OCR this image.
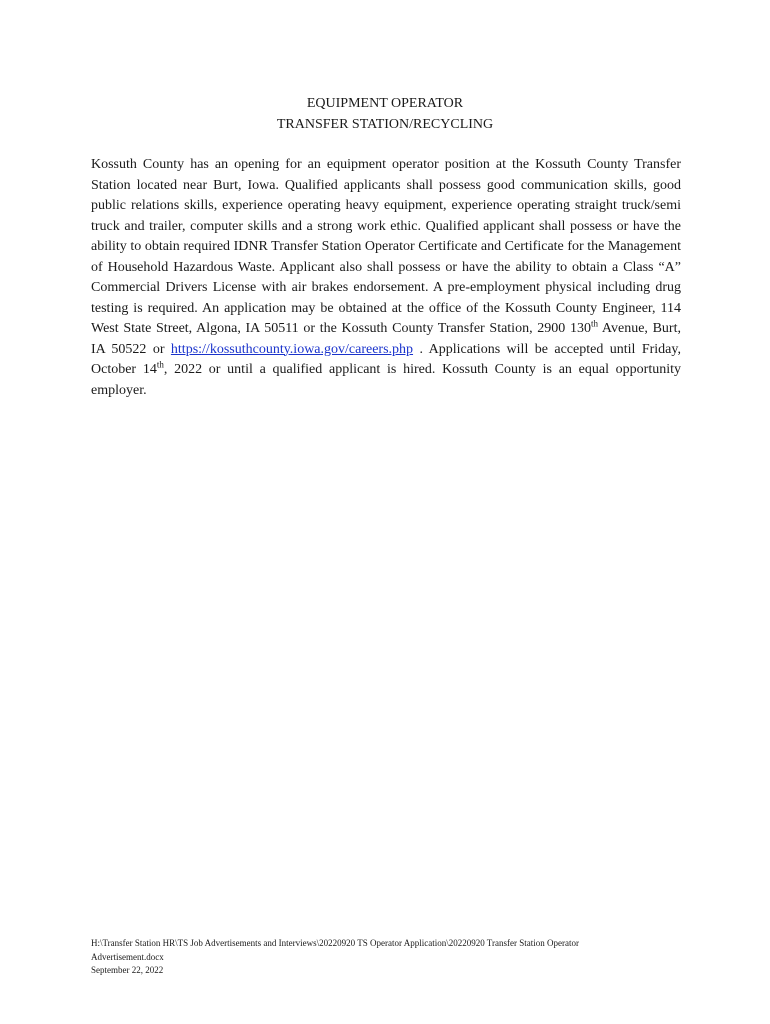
EQUIPMENT OPERATOR
TRANSFER STATION/RECYCLING
Kossuth County has an opening for an equipment operator position at the Kossuth County Transfer Station located near Burt, Iowa. Qualified applicants shall possess good communication skills, good public relations skills, experience operating heavy equipment, experience operating straight truck/semi truck and trailer, computer skills and a strong work ethic. Qualified applicant shall possess or have the ability to obtain required IDNR Transfer Station Operator Certificate and Certificate for the Management of Household Hazardous Waste. Applicant also shall possess or have the ability to obtain a Class “A” Commercial Drivers License with air brakes endorsement. A pre-employment physical including drug testing is required. An application may be obtained at the office of the Kossuth County Engineer, 114 West State Street, Algona, IA 50511 or the Kossuth County Transfer Station, 2900 130th Avenue, Burt, IA 50522 or https://kossuthcounty.iowa.gov/careers.php . Applications will be accepted until Friday, October 14th, 2022 or until a qualified applicant is hired. Kossuth County is an equal opportunity employer.
H:\Transfer Station HR\TS Job Advertisements and Interviews\20220920 TS Operator Application\20220920 Transfer Station Operator
Advertisement.docx
September 22, 2022
